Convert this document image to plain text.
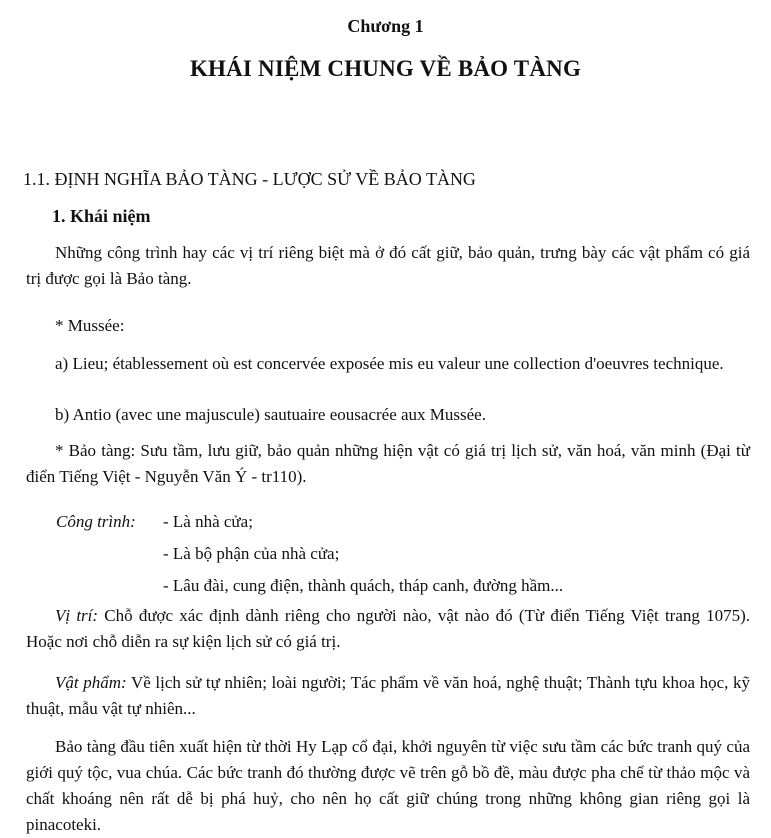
Chương 1
KHÁI NIỆM CHUNG VỀ BẢO TÀNG
1.1. ĐỊNH NGHĨA BẢO TÀNG - LƯỢC SỬ VỀ BẢO TÀNG
1. Khái niệm
Những công trình hay các vị trí riêng biệt mà ở đó cất giữ, bảo quản, trưng bày các vật phẩm có giá trị được gọi là Bảo tàng.
* Mussée:
a) Lieu; établessement où est concervée exposée mis eu valeur une collection d'oeuvres technique.
b) Antio (avec une majuscule) sautuaire eousacrée aux Mussée.
* Bảo tàng: Sưu tầm, lưu giữ, bảo quản những hiện vật có giá trị lịch sử, văn hoá, văn minh (Đại từ điển Tiếng Việt - Nguyễn Văn Ý - tr110).
Công trình: - Là nhà cửa;
- Là bộ phận của nhà cửa;
- Lâu đài, cung điện, thành quách, tháp canh, đường hầm...
Vị trí: Chỗ được xác định dành riêng cho người nào, vật nào đó (Từ điển Tiếng Việt trang 1075). Hoặc nơi chỗ diễn ra sự kiện lịch sử có giá trị.
Vật phẩm: Về lịch sử tự nhiên; loài người; Tác phẩm về văn hoá, nghệ thuật; Thành tựu khoa học, kỹ thuật, mẫu vật tự nhiên...
Bảo tàng đầu tiên xuất hiện từ thời Hy Lạp cổ đại, khởi nguyên từ việc sưu tầm các bức tranh quý của giới quý tộc, vua chúa. Các bức tranh đó thường được vẽ trên gỗ bồ đề, màu được pha chế từ thảo mộc và chất khoáng nên rất dễ bị phá huỷ, cho nên họ cất giữ chúng trong những không gian riêng gọi là pinacoteki.
